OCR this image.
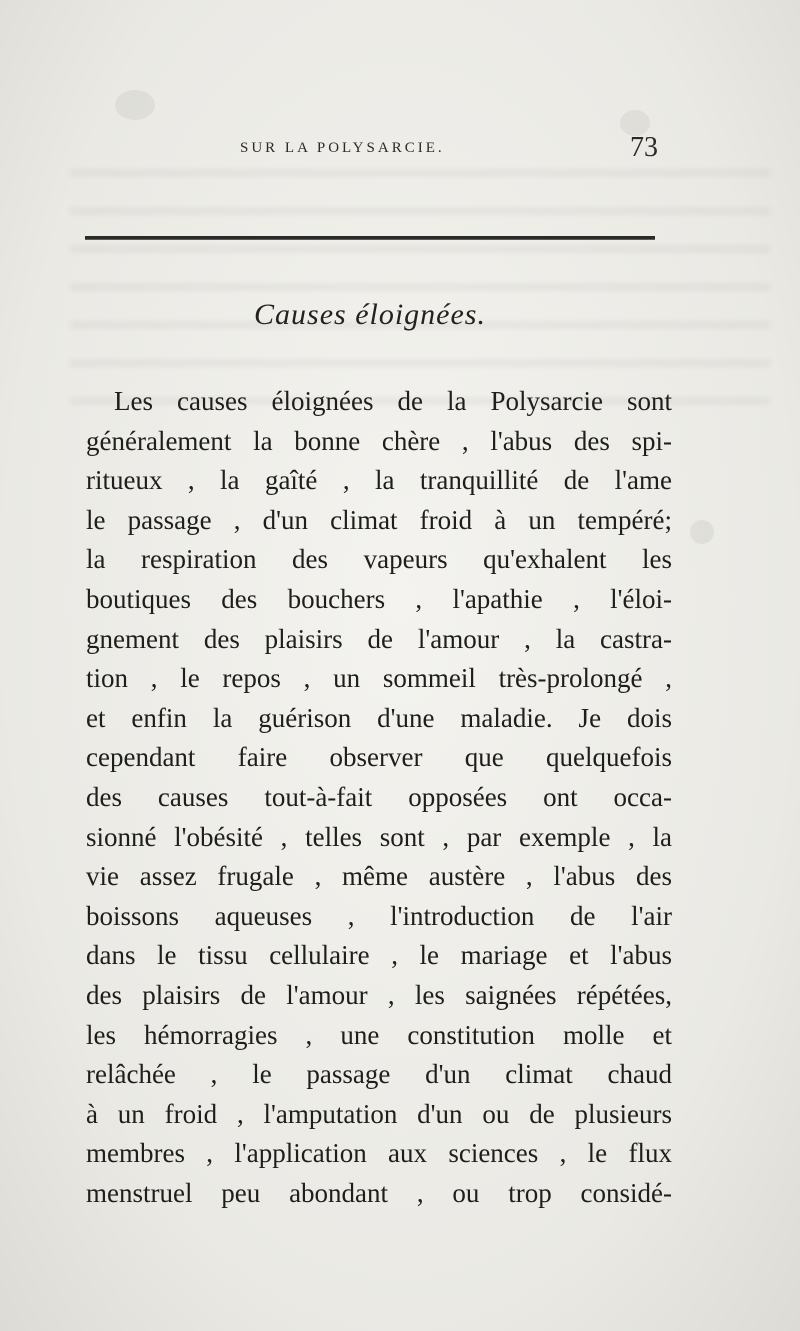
SUR LA POLYSARCIE.	73
Causes éloignées.
Les causes éloignées de la Polysarcie sont
généralement la bonne chère , l'abus des spi-
ritueux , la gaîté , la tranquillité de l'ame
le passage , d'un climat froid à un tempéré;
la respiration des vapeurs qu'exhalent les
boutiques des bouchers , l'apathie , l'éloi-
gnement des plaisirs de l'amour , la castra-
tion , le repos , un sommeil très-prolongé ,
et enfin la guérison d'une maladie. Je dois
cependant faire observer que quelquefois
des causes tout-à-fait opposées ont occa-
sionné l'obésité , telles sont , par exemple , la
vie assez frugale , même austère , l'abus des
boissons aqueuses , l'introduction de l'air
dans le tissu cellulaire , le mariage et l'abus
des plaisirs de l'amour , les saignées répétées,
les hémorragies , une constitution molle et
relâchée , le passage d'un climat chaud
à un froid , l'amputation d'un ou de plusieurs
membres , l'application aux sciences , le flux
menstruel peu abondant , ou trop considé-
